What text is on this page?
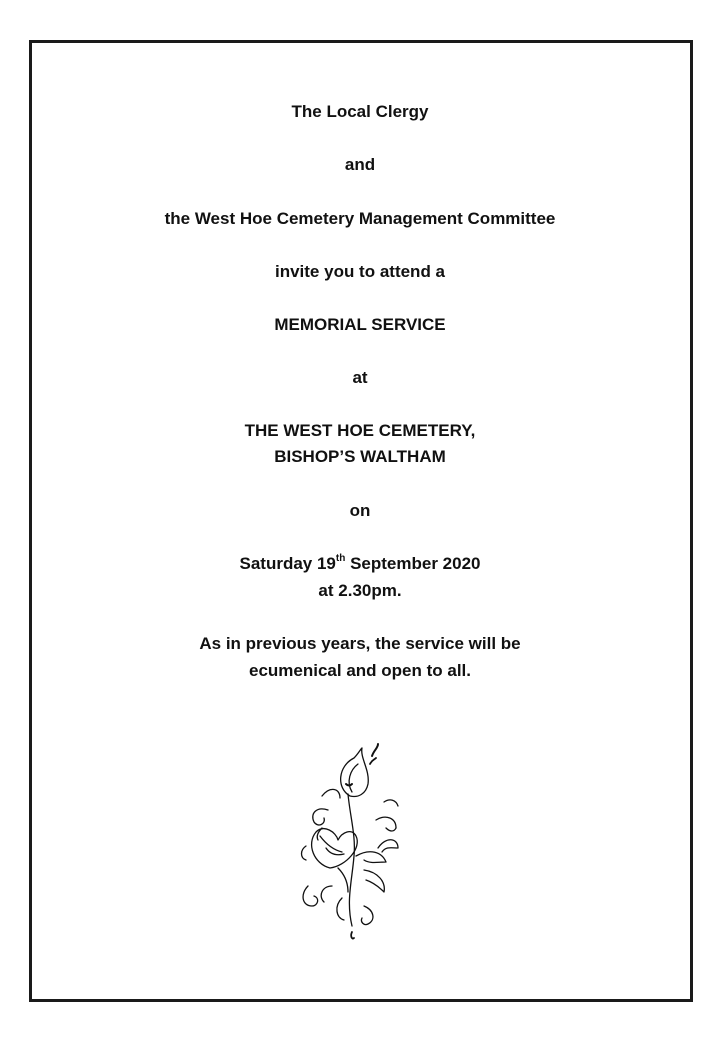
The Local Clergy
and
the West Hoe Cemetery Management Committee
invite you to attend a
MEMORIAL SERVICE
at
THE WEST HOE CEMETERY,
BISHOP’S WALTHAM
on
Saturday 19th September 2020
at 2.30pm.
As in previous years, the service will be
ecumenical and open to all.
